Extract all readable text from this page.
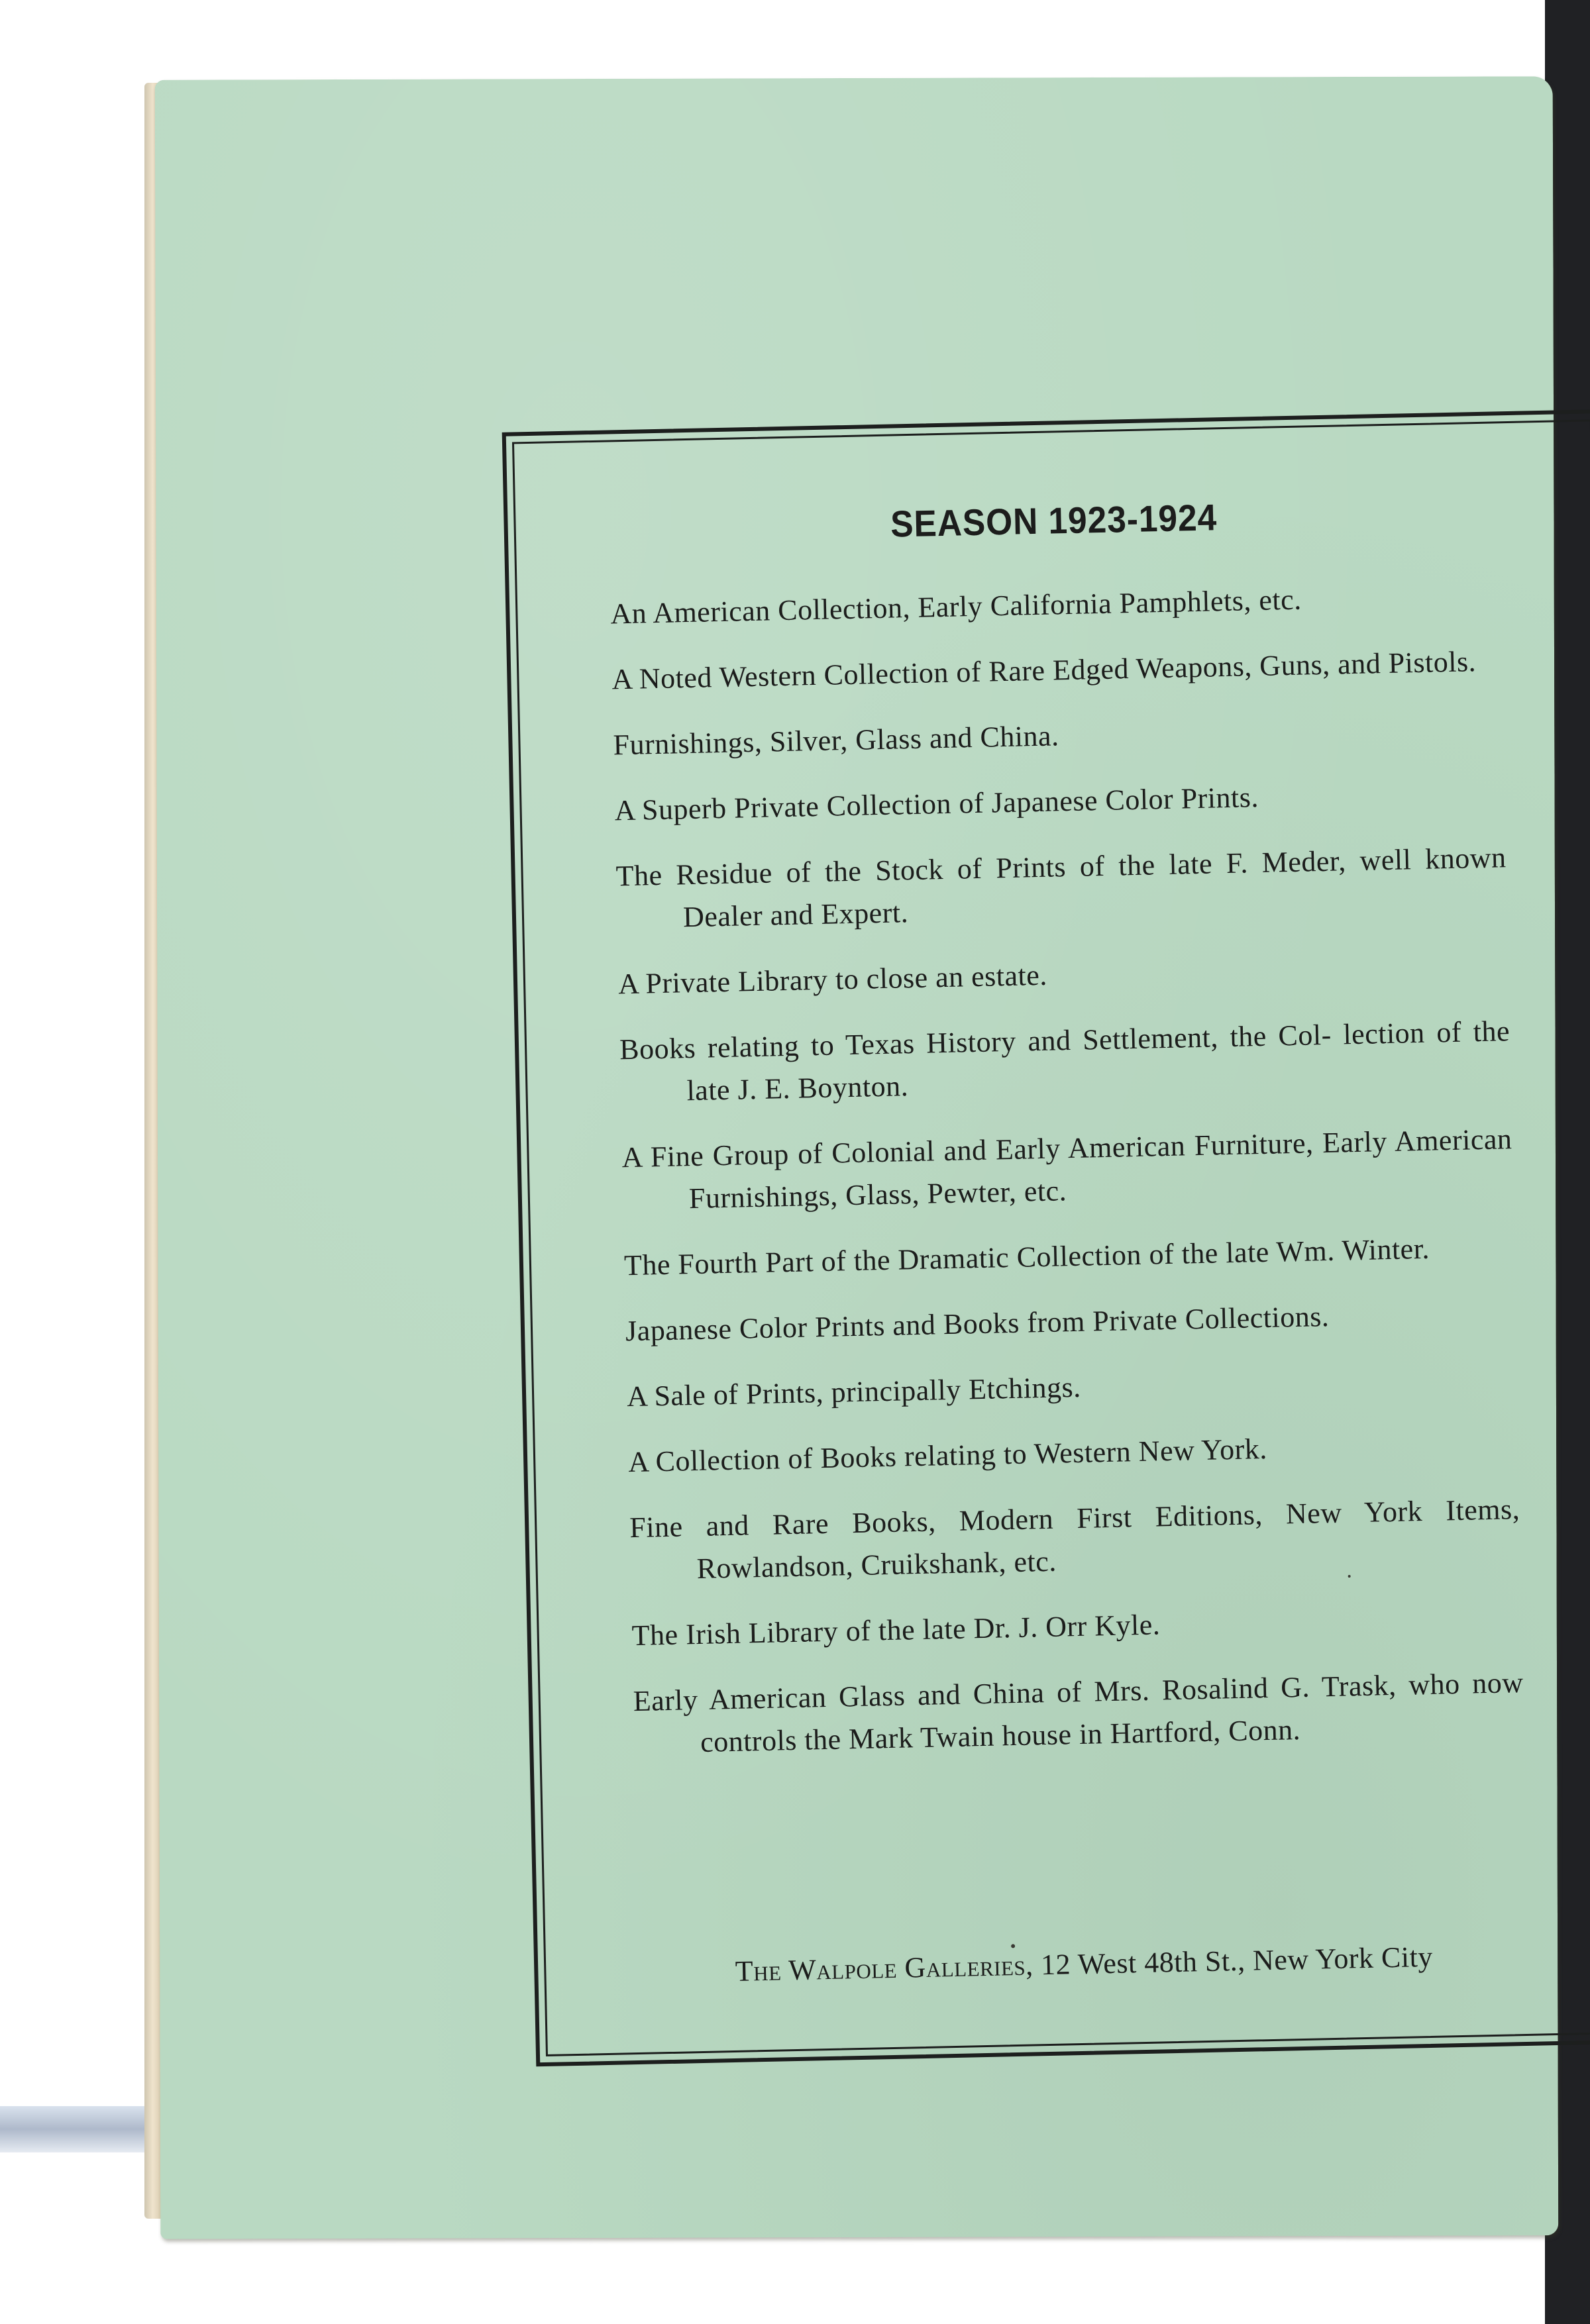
SEASON 1923-1924
An American Collection, Early California Pamphlets, etc.
A Noted Western Collection of Rare Edged Weapons, Guns, and Pistols.
Furnishings, Silver, Glass and China.
A Superb Private Collection of Japanese Color Prints.
The Residue of the Stock of Prints of the late F. Meder, well known Dealer and Expert.
A Private Library to close an estate.
Books relating to Texas History and Settlement, the Col- lection of the late J. E. Boynton.
A Fine Group of Colonial and Early American Furniture, Early American Furnishings, Glass, Pewter, etc.
The Fourth Part of the Dramatic Collection of the late Wm. Winter.
Japanese Color Prints and Books from Private Collections.
A Sale of Prints, principally Etchings.
A Collection of Books relating to Western New York.
Fine and Rare Books, Modern First Editions, New York Items, Rowlandson, Cruikshank, etc.
The Irish Library of the late Dr. J. Orr Kyle.
Early American Glass and China of Mrs. Rosalind G. Trask, who now controls the Mark Twain house in Hartford, Conn.

The Walpole Galleries, 12 West 48th St., New York City
